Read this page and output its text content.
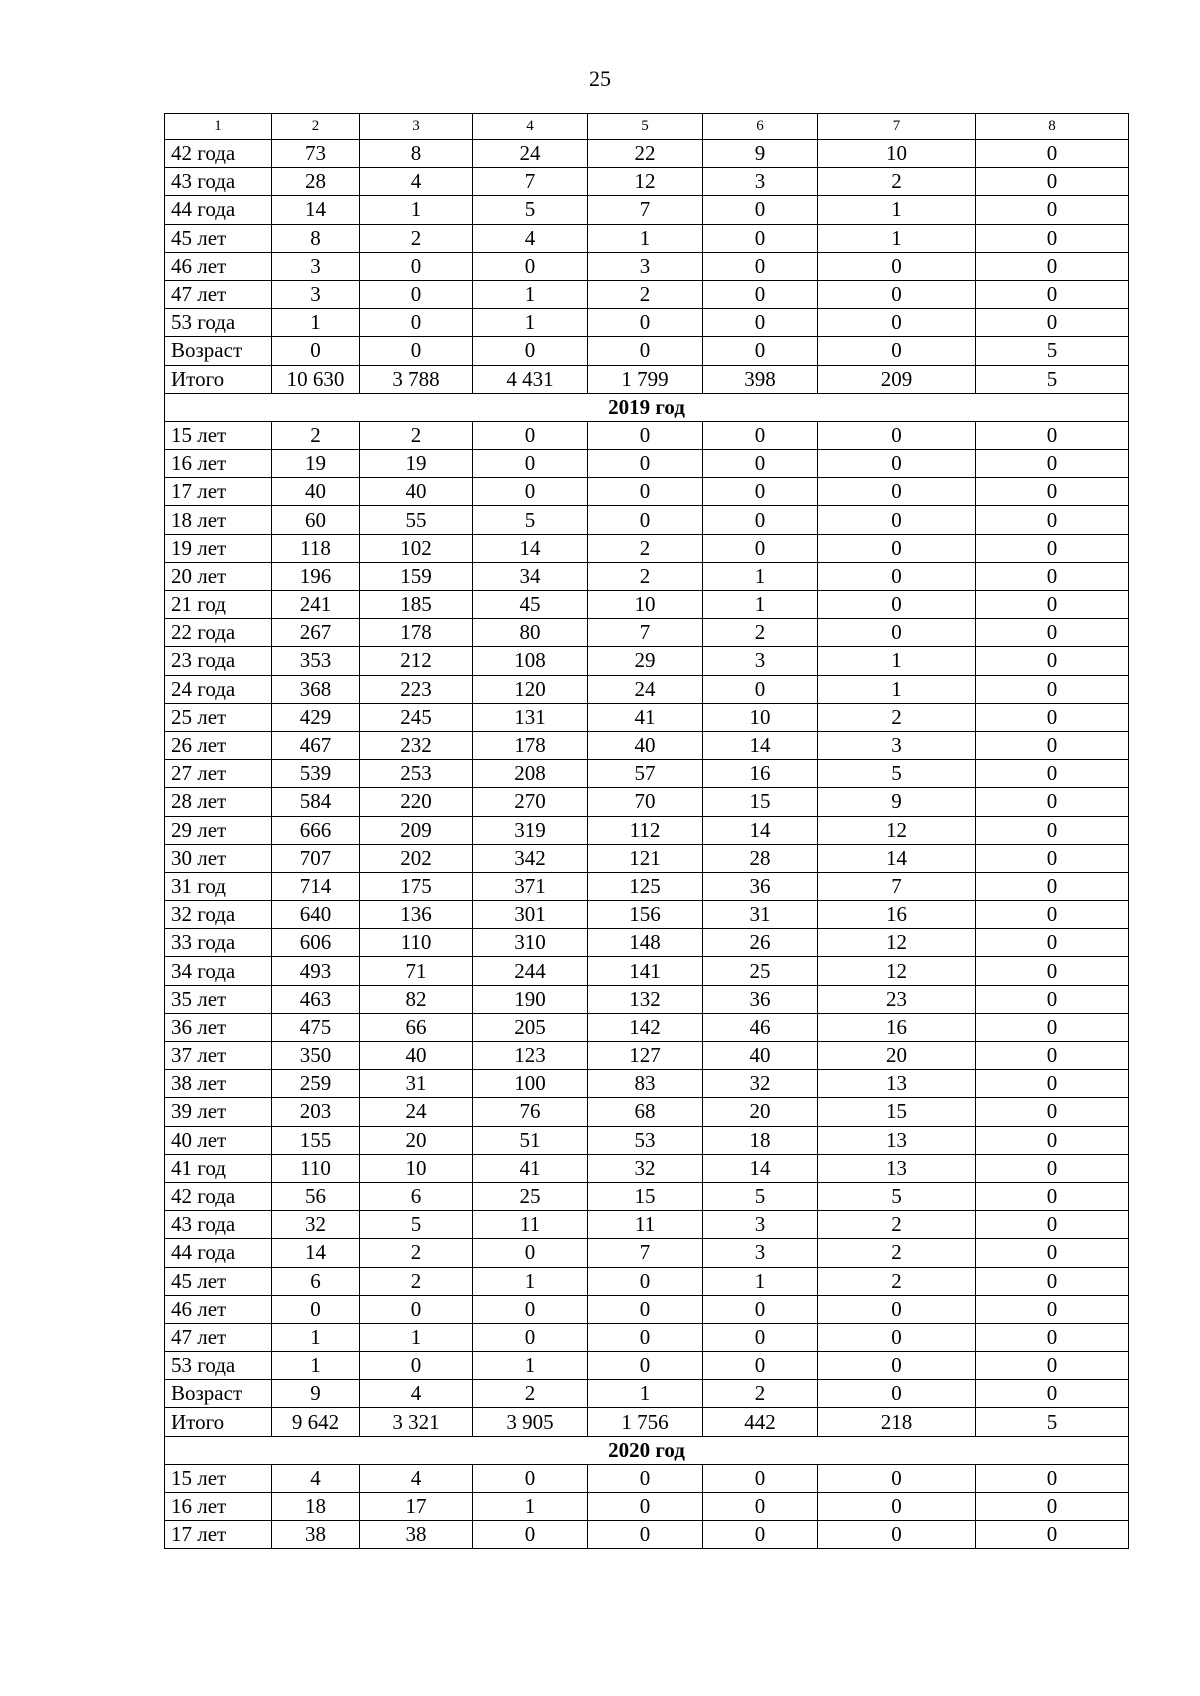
25
1	2	3	4	5	6	7	8
42 года	73	8	24	22	9	10	0
43 года	28	4	7	12	3	2	0
44 года	14	1	5	7	0	1	0
45 лет	8	2	4	1	0	1	0
46 лет	3	0	0	3	0	0	0
47 лет	3	0	1	2	0	0	0
53 года	1	0	1	0	0	0	0
Возраст	0	0	0	0	0	0	5
Итого	10 630	3 788	4 431	1 799	398	209	5
2019 год							
15 лет	2	2	0	0	0	0	0
16 лет	19	19	0	0	0	0	0
17 лет	40	40	0	0	0	0	0
18 лет	60	55	5	0	0	0	0
19 лет	118	102	14	2	0	0	0
20 лет	196	159	34	2	1	0	0
21 год	241	185	45	10	1	0	0
22 года	267	178	80	7	2	0	0
23 года	353	212	108	29	3	1	0
24 года	368	223	120	24	0	1	0
25 лет	429	245	131	41	10	2	0
26 лет	467	232	178	40	14	3	0
27 лет	539	253	208	57	16	5	0
28 лет	584	220	270	70	15	9	0
29 лет	666	209	319	112	14	12	0
30 лет	707	202	342	121	28	14	0
31 год	714	175	371	125	36	7	0
32 года	640	136	301	156	31	16	0
33 года	606	110	310	148	26	12	0
34 года	493	71	244	141	25	12	0
35 лет	463	82	190	132	36	23	0
36 лет	475	66	205	142	46	16	0
37 лет	350	40	123	127	40	20	0
38 лет	259	31	100	83	32	13	0
39 лет	203	24	76	68	20	15	0
40 лет	155	20	51	53	18	13	0
41 год	110	10	41	32	14	13	0
42 года	56	6	25	15	5	5	0
43 года	32	5	11	11	3	2	0
44 года	14	2	0	7	3	2	0
45 лет	6	2	1	0	1	2	0
46 лет	0	0	0	0	0	0	0
47 лет	1	1	0	0	0	0	0
53 года	1	0	1	0	0	0	0
Возраст	9	4	2	1	2	0	0
Итого	9 642	3 321	3 905	1 756	442	218	5
2020 год							
15 лет	4	4	0	0	0	0	0
16 лет	18	17	1	0	0	0	0
17 лет	38	38	0	0	0	0	0
